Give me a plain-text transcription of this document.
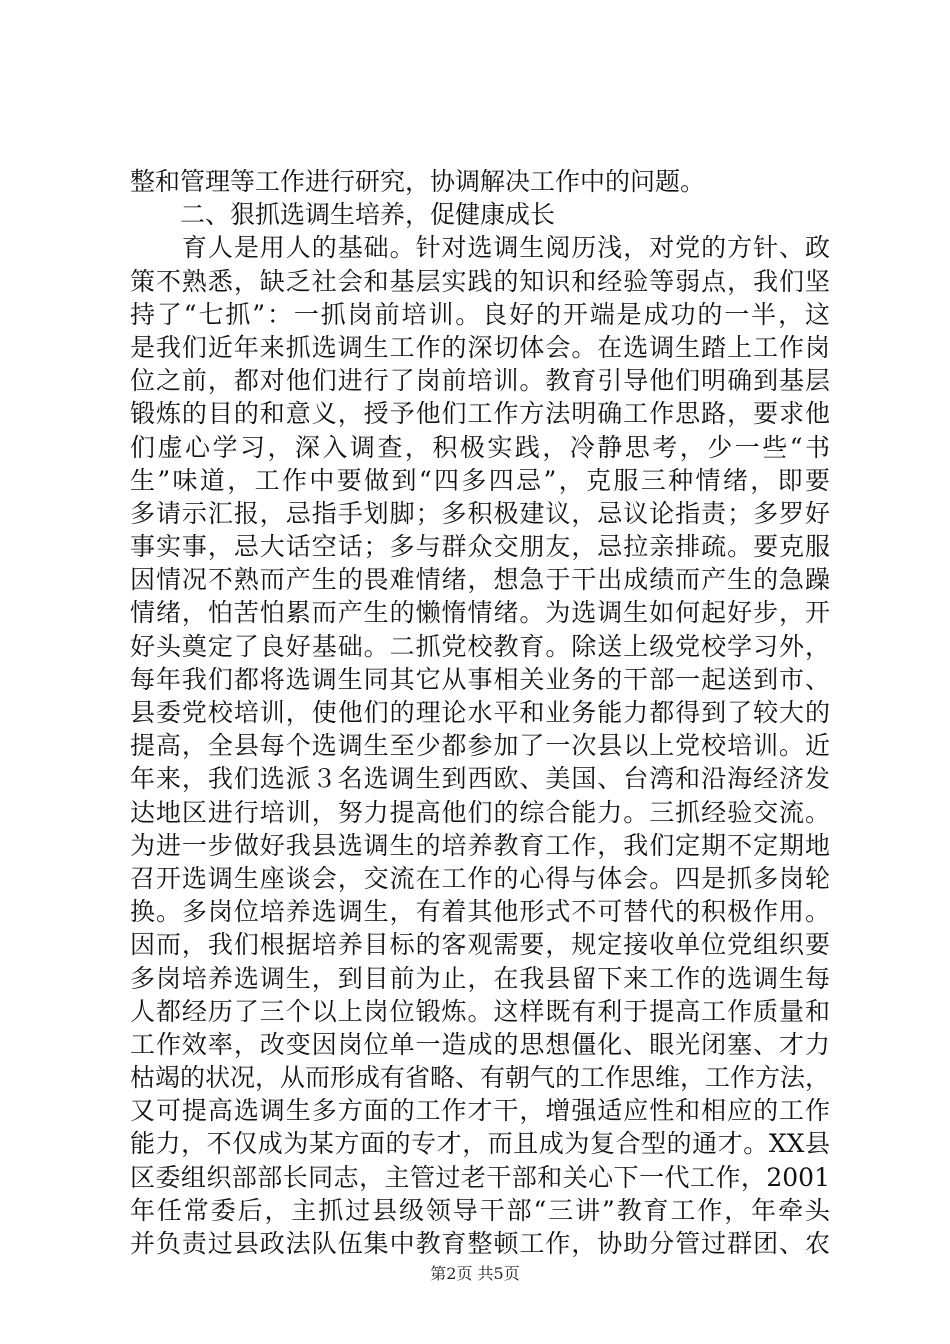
整和管理等工作进行研究，协调解决工作中的问题。
　　二、狠抓选调生培养，促健康成长
　　育人是用人的基础。针对选调生阅历浅，对党的方针、政
策不熟悉，缺乏社会和基层实践的知识和经验等弱点，我们坚
持了“七抓”：一抓岗前培训。良好的开端是成功的一半，这
是我们近年来抓选调生工作的深切体会。在选调生踏上工作岗
位之前，都对他们进行了岗前培训。教育引导他们明确到基层
锻炼的目的和意义，授予他们工作方法明确工作思路，要求他
们虚心学习，深入调查，积极实践，冷静思考，少一些“书
生”味道，工作中要做到“四多四忌”，克服三种情绪，即要
多请示汇报，忌指手划脚；多积极建议，忌议论指责；多罗好
事实事，忌大话空话；多与群众交朋友，忌拉亲排疏。要克服
因情况不熟而产生的畏难情绪，想急于干出成绩而产生的急躁
情绪，怕苦怕累而产生的懒惰情绪。为选调生如何起好步，开
好头奠定了良好基础。二抓党校教育。除送上级党校学习外，
每年我们都将选调生同其它从事相关业务的干部一起送到市、
县委党校培训，使他们的理论水平和业务能力都得到了较大的
提高，全县每个选调生至少都参加了一次县以上党校培训。近
年来，我们选派３名选调生到西欧、美国、台湾和沿海经济发
达地区进行培训，努力提高他们的综合能力。三抓经验交流。
为进一步做好我县选调生的培养教育工作，我们定期不定期地
召开选调生座谈会，交流在工作的心得与体会。四是抓多岗轮
换。多岗位培养选调生，有着其他形式不可替代的积极作用。
因而，我们根据培养目标的客观需要，规定接收单位党组织要
多岗培养选调生，到目前为止，在我县留下来工作的选调生每
人都经历了三个以上岗位锻炼。这样既有利于提高工作质量和
工作效率，改变因岗位单一造成的思想僵化、眼光闭塞、才力
枯竭的状况，从而形成有省略、有朝气的工作思维，工作方法，
又可提高选调生多方面的工作才干，增强适应性和相应的工作
能力，不仅成为某方面的专才，而且成为复合型的通才。XX县
区委组织部部长同志，主管过老干部和关心下一代工作，2001
年任常委后，主抓过县级领导干部“三讲”教育工作，年牵头
并负责过县政法队伍集中教育整顿工作，协助分管过群团、农
第2页 共5页
